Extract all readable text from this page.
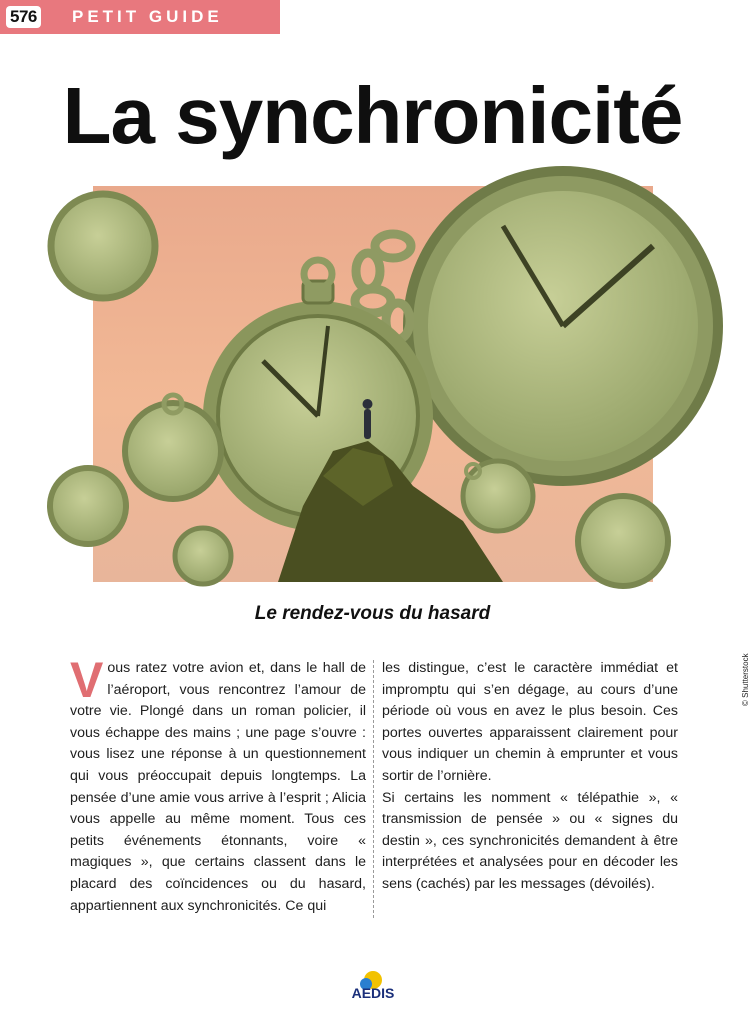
576 PETIT GUIDE
La synchronicité
© Shutterstock
Le rendez-vous du hasard

Vous ratez votre avion et, dans le hall de l’aéroport, vous rencontrez l’amour de votre vie. Plongé dans un roman policier, il vous échappe des mains ; une page s’ouvre : vous lisez une réponse à un questionnement qui vous préoccupait depuis longtemps. La pensée d’une amie vous arrive à l’esprit ; Alicia vous appelle au même moment. Tous ces petits événements étonnants, voire « magiques », que certains classent dans le placard des coïncidences ou du hasard, appartiennent aux synchronicités. Ce qui

les distingue, c’est le caractère immédiat et impromptu qui s’en dégage, au cours d’une période où vous en avez le plus besoin. Ces portes ouvertes apparaissent clairement pour vous indiquer un chemin à emprunter et vous sortir de l’ornière.

Si certains les nomment « télépathie », « transmission de pensée » ou « signes du destin », ces synchronicités demandent à être interprétées et analysées pour en décoder les sens (cachés) par les messages (dévoilés).

AEDIS
